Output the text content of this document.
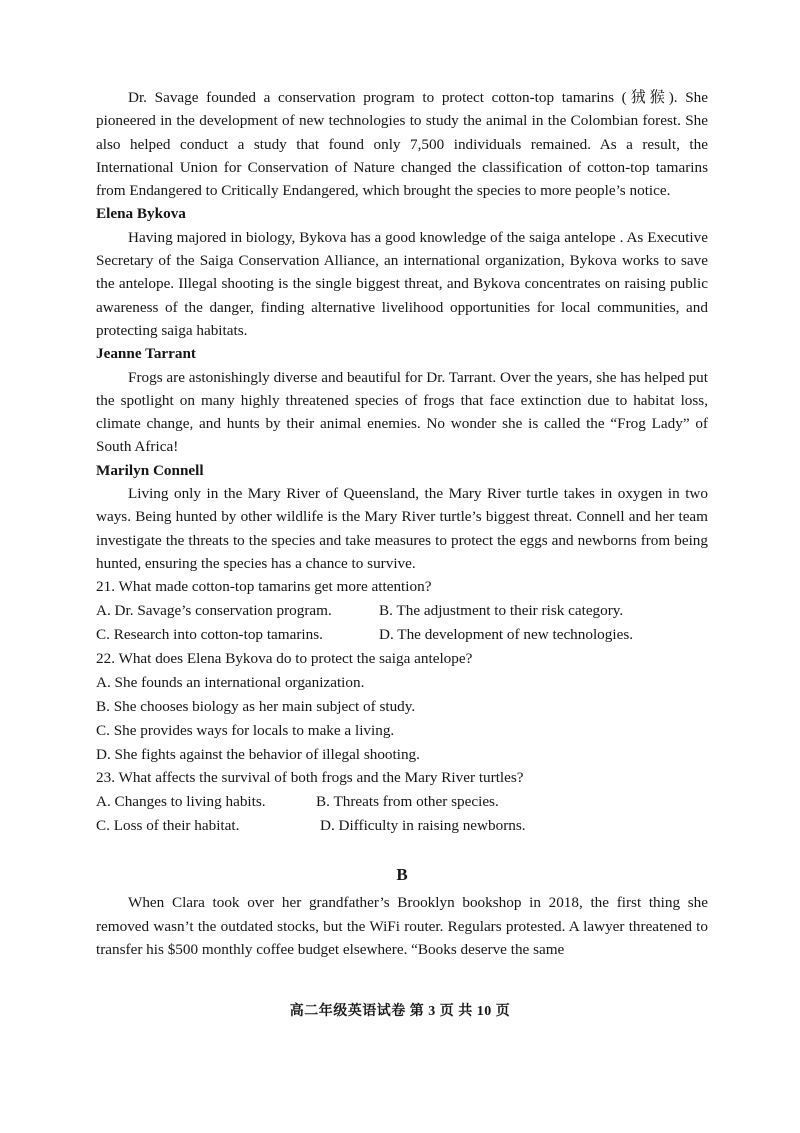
Dr. Savage founded a conservation program to protect cotton-top tamarins (狨猴). She pioneered in the development of new technologies to study the animal in the Colombian forest. She also helped conduct a study that found only 7,500 individuals remained. As a result, the International Union for Conservation of Nature changed the classification of cotton-top tamarins from Endangered to Critically Endangered, which brought the species to more people’s notice.

Elena Bykova

Having majored in biology, Bykova has a good knowledge of the saiga antelope . As Executive Secretary of the Saiga Conservation Alliance, an international organization, Bykova works to save the antelope. Illegal shooting is the single biggest threat, and Bykova concentrates on raising public awareness of the danger, finding alternative livelihood opportunities for local communities, and protecting saiga habitats.

Jeanne Tarrant

Frogs are astonishingly diverse and beautiful for Dr. Tarrant. Over the years, she has helped put the spotlight on many highly threatened species of frogs that face extinction due to habitat loss, climate change, and hunts by their animal enemies. No wonder she is called the “Frog Lady” of South Africa!

Marilyn Connell

Living only in the Mary River of Queensland, the Mary River turtle takes in oxygen in two ways. Being hunted by other wildlife is the Mary River turtle’s biggest threat. Connell and her team investigate the threats to the species and take measures to protect the eggs and newborns from being hunted, ensuring the species has a chance to survive.

21. What made cotton-top tamarins get more attention?

A. Dr. Savage’s conservation program.	B. The adjustment to their risk category.
C. Research into cotton-top tamarins.	D. The development of new technologies.

22. What does Elena Bykova do to protect the saiga antelope?

A. She founds an international organization.

B. She chooses biology as her main subject of study.

C. She provides ways for locals to make a living.

D. She fights against the behavior of illegal shooting.

23. What affects the survival of both frogs and the Mary River turtles?

A. Changes to living habits.	B. Threats from other species.
C. Loss of their habitat.	D. Difficulty in raising newborns.
B

When Clara took over her grandfather’s Brooklyn bookshop in 2018, the first thing she removed wasn’t the outdated stocks, but the WiFi router. Regulars protested. A lawyer threatened to transfer his $500 monthly coffee budget elsewhere. “Books deserve the same

高二年级英语试卷 第 3 页 共 10 页
